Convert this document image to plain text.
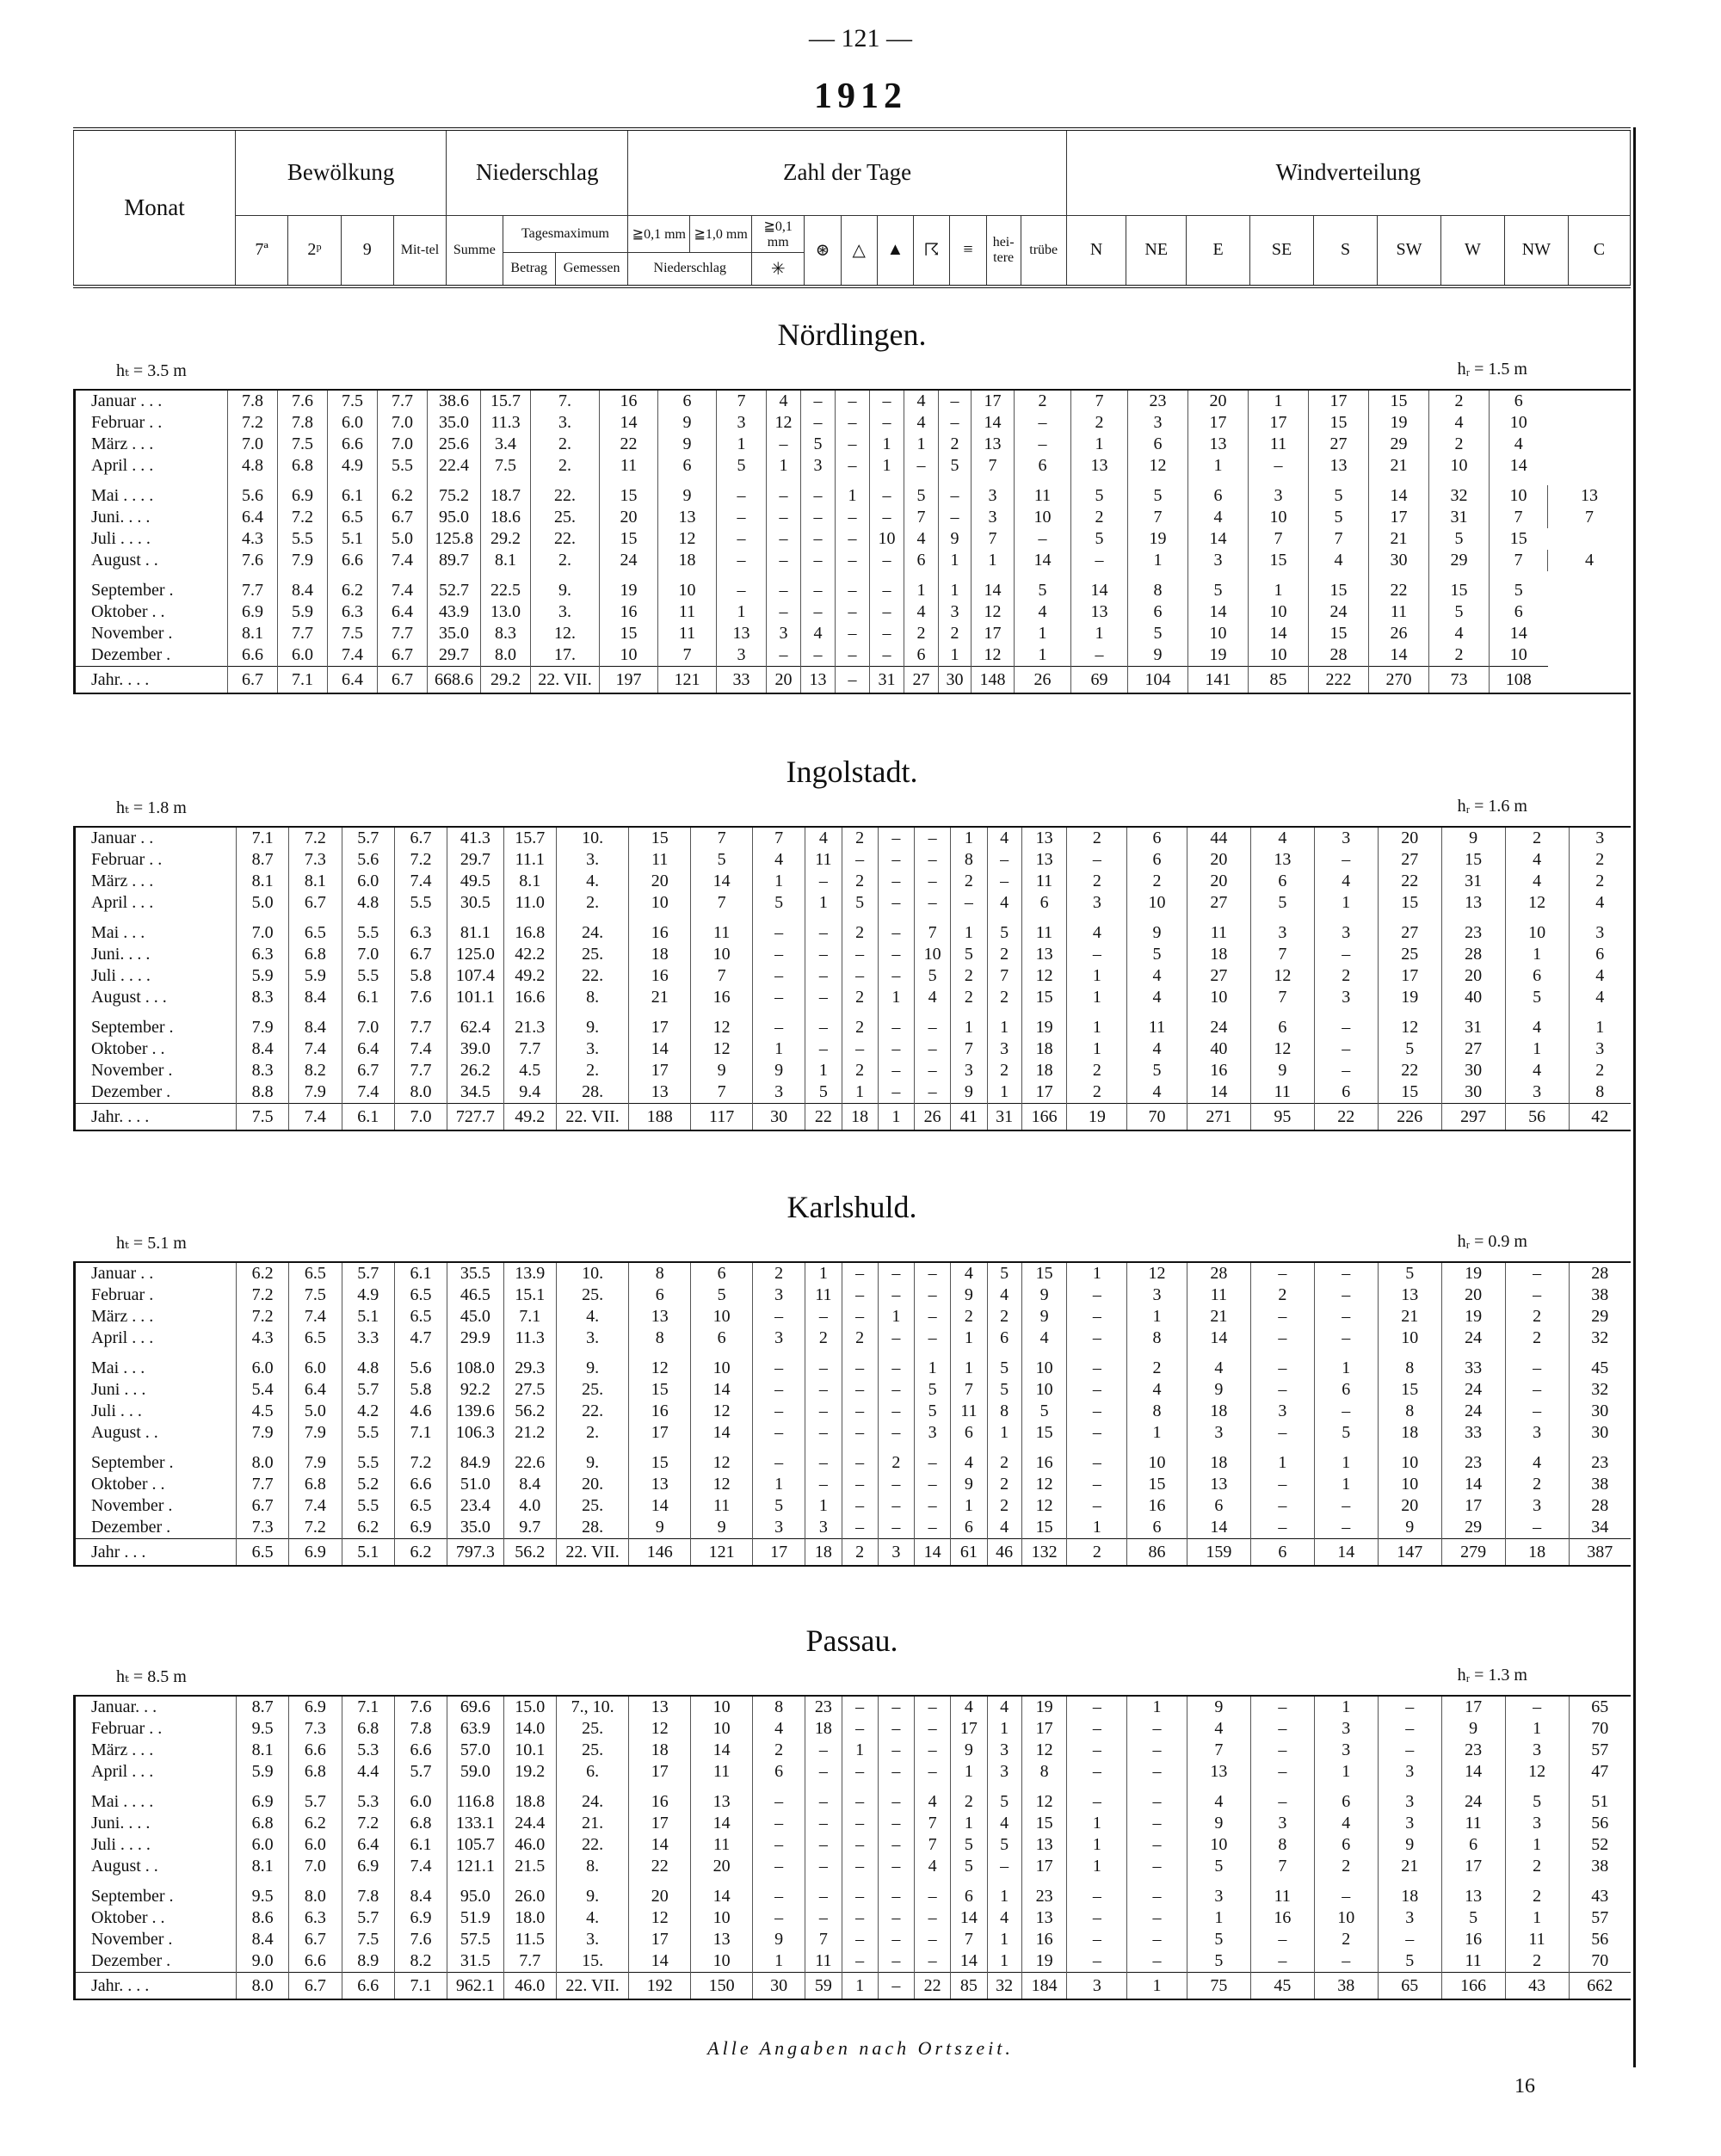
— 121 —
1912
Monat	Bewölkung				Niederschlag			Zahl der Tage										Windverteilung								
	7ª	2ᵖ	9	Mit-tel	Summe	Tagesmaximum		≧0,1 mm	≧1,0 mm	≧0,1 mm	⊛	△	▲	☈	≡	hei-tere	trübe	N	NE	E	SE	S	SW	W	NW	C
						Betrag	Gemessen	Niederschlag		✳																
Nördlingen.
hₜ = 3.5 m	hᵣ = 1.5 m
Januar . . .	7.8	7.6	7.5	7.7	38.6	15.7	7.	16	6	7	4	–	–	–	4	–	17	2	7	23	20	1	17	15	2	6	
Februar . .	7.2	7.8	6.0	7.0	35.0	11.3	3.	14	9	3	12	–	–	–	4	–	14	–	2	3	17	17	15	19	4	10	
März . . .	7.0	7.5	6.6	7.0	25.6	3.4	2.	22	9	1	–	5	–	1	1	2	13	–	1	6	13	11	27	29	2	4	
April . . .	4.8	6.8	4.9	5.5	22.4	7.5	2.	11	6	5	1	3	–	1	–	5	7	6	13	12	1	–	13	21	10	14	

Mai . . . .	5.6	6.9	6.1	6.2	75.2	18.7	22.	15	9	–	–	–	1	–	5	–	3	11	5	5	6	3	5	14	32	10	13
Juni. . . .	6.4	7.2	6.5	6.7	95.0	18.6	25.	20	13	–	–	–	–	–	7	–	3	10	2	7	4	10	5	17	31	7	7
Juli . . . .	4.3	5.5	5.1	5.0	125.8	29.2	22.	15	12	–	–	–	–	10	4	9	7	–	5	19	14	7	7	21	5	15	
August . .	7.6	7.9	6.6	7.4	89.7	8.1	2.	24	18	–	–	–	–	–	6	1	1	14	–	1	3	15	4	30	29	7	4

September .	7.7	8.4	6.2	7.4	52.7	22.5	9.	19	10	–	–	–	–	–	1	1	14	5	14	8	5	1	15	22	15	5	
Oktober . .	6.9	5.9	6.3	6.4	43.9	13.0	3.	16	11	1	–	–	–	–	4	3	12	4	13	6	14	10	24	11	5	6	
November .	8.1	7.7	7.5	7.7	35.0	8.3	12.	15	11	13	3	4	–	–	2	2	17	1	1	5	10	14	15	26	4	14	
Dezember .	6.6	6.0	7.4	6.7	29.7	8.0	17.	10	7	3	–	–	–	–	6	1	12	1	–	9	19	10	28	14	2	10	
Jahr. . . .	6.7	7.1	6.4	6.7	668.6	29.2	22. VII.	197	121	33	20	13	–	31	27	30	148	26	69	104	141	85	222	270	73	108	
Ingolstadt.
hₜ = 1.8 m	hᵣ = 1.6 m
Januar . .	7.1	7.2	5.7	6.7	41.3	15.7	10.	15	7	7	4	2	–	–	1	4	13	2	6	44	4	3	20	9	2	3
Februar . .	8.7	7.3	5.6	7.2	29.7	11.1	3.	11	5	4	11	–	–	–	8	–	13	–	6	20	13	–	27	15	4	2
März . . .	8.1	8.1	6.0	7.4	49.5	8.1	4.	20	14	1	–	2	–	–	2	–	11	2	2	20	6	4	22	31	4	2
April . . .	5.0	6.7	4.8	5.5	30.5	11.0	2.	10	7	5	1	5	–	–	–	4	6	3	10	27	5	1	15	13	12	4

Mai . . .	7.0	6.5	5.5	6.3	81.1	16.8	24.	16	11	–	–	2	–	7	1	5	11	4	9	11	3	3	27	23	10	3
Juni. . . .	6.3	6.8	7.0	6.7	125.0	42.2	25.	18	10	–	–	–	–	10	5	2	13	–	5	18	7	–	25	28	1	6
Juli . . . .	5.9	5.9	5.5	5.8	107.4	49.2	22.	16	7	–	–	–	–	5	2	7	12	1	4	27	12	2	17	20	6	4
August . . .	8.3	8.4	6.1	7.6	101.1	16.6	8.	21	16	–	–	2	1	4	2	2	15	1	4	10	7	3	19	40	5	4

September .	7.9	8.4	7.0	7.7	62.4	21.3	9.	17	12	–	–	2	–	–	1	1	19	1	11	24	6	–	12	31	4	1
Oktober . .	8.4	7.4	6.4	7.4	39.0	7.7	3.	14	12	1	–	–	–	–	7	3	18	1	4	40	12	–	5	27	1	3
November .	8.3	8.2	6.7	7.7	26.2	4.5	2.	17	9	9	1	2	–	–	3	2	18	2	5	16	9	–	22	30	4	2
Dezember .	8.8	7.9	7.4	8.0	34.5	9.4	28.	13	7	3	5	1	–	–	9	1	17	2	4	14	11	6	15	30	3	8
Jahr. . . .	7.5	7.4	6.1	7.0	727.7	49.2	22. VII.	188	117	30	22	18	1	26	41	31	166	19	70	271	95	22	226	297	56	42
Karlshuld.
hₜ = 5.1 m	hᵣ = 0.9 m
Januar . .	6.2	6.5	5.7	6.1	35.5	13.9	10.	8	6	2	1	–	–	–	4	5	15	1	12	28	–	–	5	19	–	28
Februar .	7.2	7.5	4.9	6.5	46.5	15.1	25.	6	5	3	11	–	–	–	9	4	9	–	3	11	2	–	13	20	–	38
März . . .	7.2	7.4	5.1	6.5	45.0	7.1	4.	13	10	–	–	–	1	–	2	2	9	–	1	21	–	–	21	19	2	29
April . . .	4.3	6.5	3.3	4.7	29.9	11.3	3.	8	6	3	2	2	–	–	1	6	4	–	8	14	–	–	10	24	2	32

Mai . . .	6.0	6.0	4.8	5.6	108.0	29.3	9.	12	10	–	–	–	–	1	1	5	10	–	2	4	–	1	8	33	–	45
Juni . . .	5.4	6.4	5.7	5.8	92.2	27.5	25.	15	14	–	–	–	–	5	7	5	10	–	4	9	–	6	15	24	–	32
Juli . . .	4.5	5.0	4.2	4.6	139.6	56.2	22.	16	12	–	–	–	–	5	11	8	5	–	8	18	3	–	8	24	–	30
August . .	7.9	7.9	5.5	7.1	106.3	21.2	2.	17	14	–	–	–	–	3	6	1	15	–	1	3	–	5	18	33	3	30

September .	8.0	7.9	5.5	7.2	84.9	22.6	9.	15	12	–	–	–	2	–	4	2	16	–	10	18	1	1	10	23	4	23
Oktober . .	7.7	6.8	5.2	6.6	51.0	8.4	20.	13	12	1	–	–	–	–	9	2	12	–	15	13	–	1	10	14	2	38
November .	6.7	7.4	5.5	6.5	23.4	4.0	25.	14	11	5	1	–	–	–	1	2	12	–	16	6	–	–	20	17	3	28
Dezember .	7.3	7.2	6.2	6.9	35.0	9.7	28.	9	9	3	3	–	–	–	6	4	15	1	6	14	–	–	9	29	–	34
Jahr . . .	6.5	6.9	5.1	6.2	797.3	56.2	22. VII.	146	121	17	18	2	3	14	61	46	132	2	86	159	6	14	147	279	18	387
Passau.
hₜ = 8.5 m	hᵣ = 1.3 m
Januar. . .	8.7	6.9	7.1	7.6	69.6	15.0	7., 10.	13	10	8	23	–	–	–	4	4	19	–	1	9	–	1	–	17	–	65
Februar . .	9.5	7.3	6.8	7.8	63.9	14.0	25.	12	10	4	18	–	–	–	17	1	17	–	–	4	–	3	–	9	1	70
März . . .	8.1	6.6	5.3	6.6	57.0	10.1	25.	18	14	2	–	1	–	–	9	3	12	–	–	7	–	3	–	23	3	57
April . . .	5.9	6.8	4.4	5.7	59.0	19.2	6.	17	11	6	–	–	–	–	1	3	8	–	–	13	–	1	3	14	12	47

Mai . . . .	6.9	5.7	5.3	6.0	116.8	18.8	24.	16	13	–	–	–	–	4	2	5	12	–	–	4	–	6	3	24	5	51
Juni. . . .	6.8	6.2	7.2	6.8	133.1	24.4	21.	17	14	–	–	–	–	7	1	4	15	1	–	9	3	4	3	11	3	56
Juli . . . .	6.0	6.0	6.4	6.1	105.7	46.0	22.	14	11	–	–	–	–	7	5	5	13	1	–	10	8	6	9	6	1	52
August . .	8.1	7.0	6.9	7.4	121.1	21.5	8.	22	20	–	–	–	–	4	5	–	17	1	–	5	7	2	21	17	2	38

September .	9.5	8.0	7.8	8.4	95.0	26.0	9.	20	14	–	–	–	–	–	6	1	23	–	–	3	11	–	18	13	2	43
Oktober . .	8.6	6.3	5.7	6.9	51.9	18.0	4.	12	10	–	–	–	–	–	14	4	13	–	–	1	16	10	3	5	1	57
November .	8.4	6.7	7.5	7.6	57.5	11.5	3.	17	13	9	7	–	–	–	7	1	16	–	–	5	–	2	–	16	11	56
Dezember .	9.0	6.6	8.9	8.2	31.5	7.7	15.	14	10	1	11	–	–	–	14	1	19	–	–	5	–	–	5	11	2	70
Jahr. . . .	8.0	6.7	6.6	7.1	962.1	46.0	22. VII.	192	150	30	59	1	–	22	85	32	184	3	1	75	45	38	65	166	43	662
Alle Angaben nach Ortszeit.
16
